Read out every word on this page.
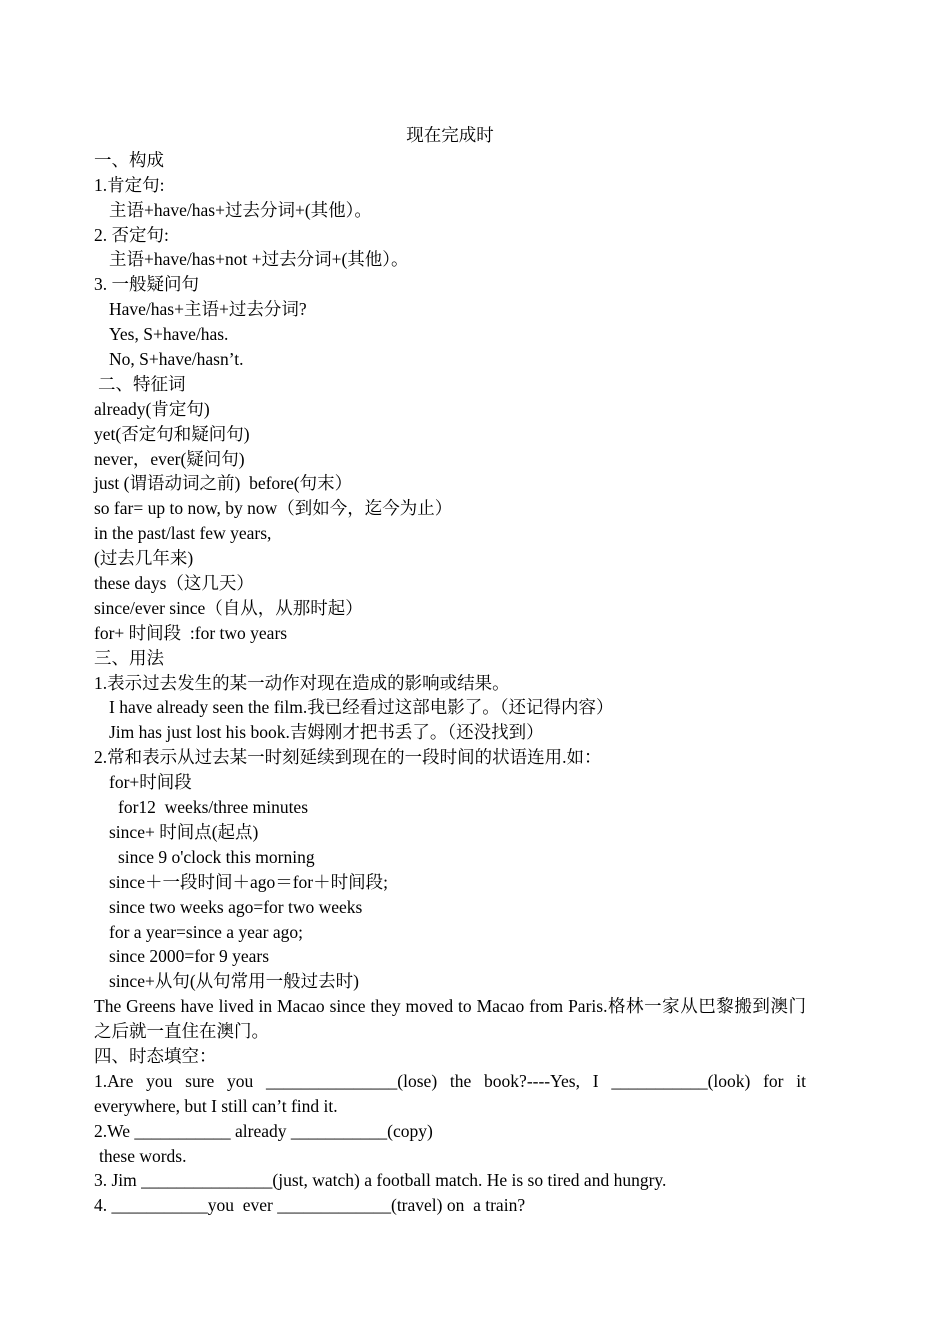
现在完成时
一、构成
1.肯定句:
主语+have/has+过去分词+(其他）。
2. 否定句:
主语+have/has+not +过去分词+(其他）。
3. 一般疑问句
Have/has+主语+过去分词?
Yes, S+have/has.
No, S+have/hasn’t.
二、特征词
already(肯定句)
yet(否定句和疑问句)
never，ever(疑问句)
just (谓语动词之前)  before(句末）
so far= up to now, by now（到如今，迄今为止）
in the past/last few years,
(过去几年来)
these days（这几天）
since/ever since（自从，从那时起）
for+ 时间段  :for two years
三、用法
1.表示过去发生的某一动作对现在造成的影响或结果。
I have already seen the film.我已经看过这部电影了。（还记得内容）
Jim has just lost his book.吉姆刚才把书丢了。（还没找到）
2.常和表示从过去某一时刻延续到现在的一段时间的状语连用.如：
for+时间段
for12  weeks/three minutes
since+ 时间点(起点)
since 9 o'clock this morning
since＋一段时间＋ago＝for＋时间段;
since two weeks ago=for two weeks
for a year=since a year ago;
since 2000=for 9 years
since+从句(从句常用一般过去时)
The Greens have lived in Macao since they moved to Macao from Paris.格林一家从巴黎搬到澳门之后就一直住在澳门。
四、时态填空：
1.Are you sure you _______________(lose) the book?----Yes, I ___________(look) for it everywhere, but I still can’t find it.
2.We ___________ already ___________(copy)
these words.
3. Jim _______________(just, watch) a football match. He is so tired and hungry.
4. ___________you  ever _____________(travel) on  a train?
